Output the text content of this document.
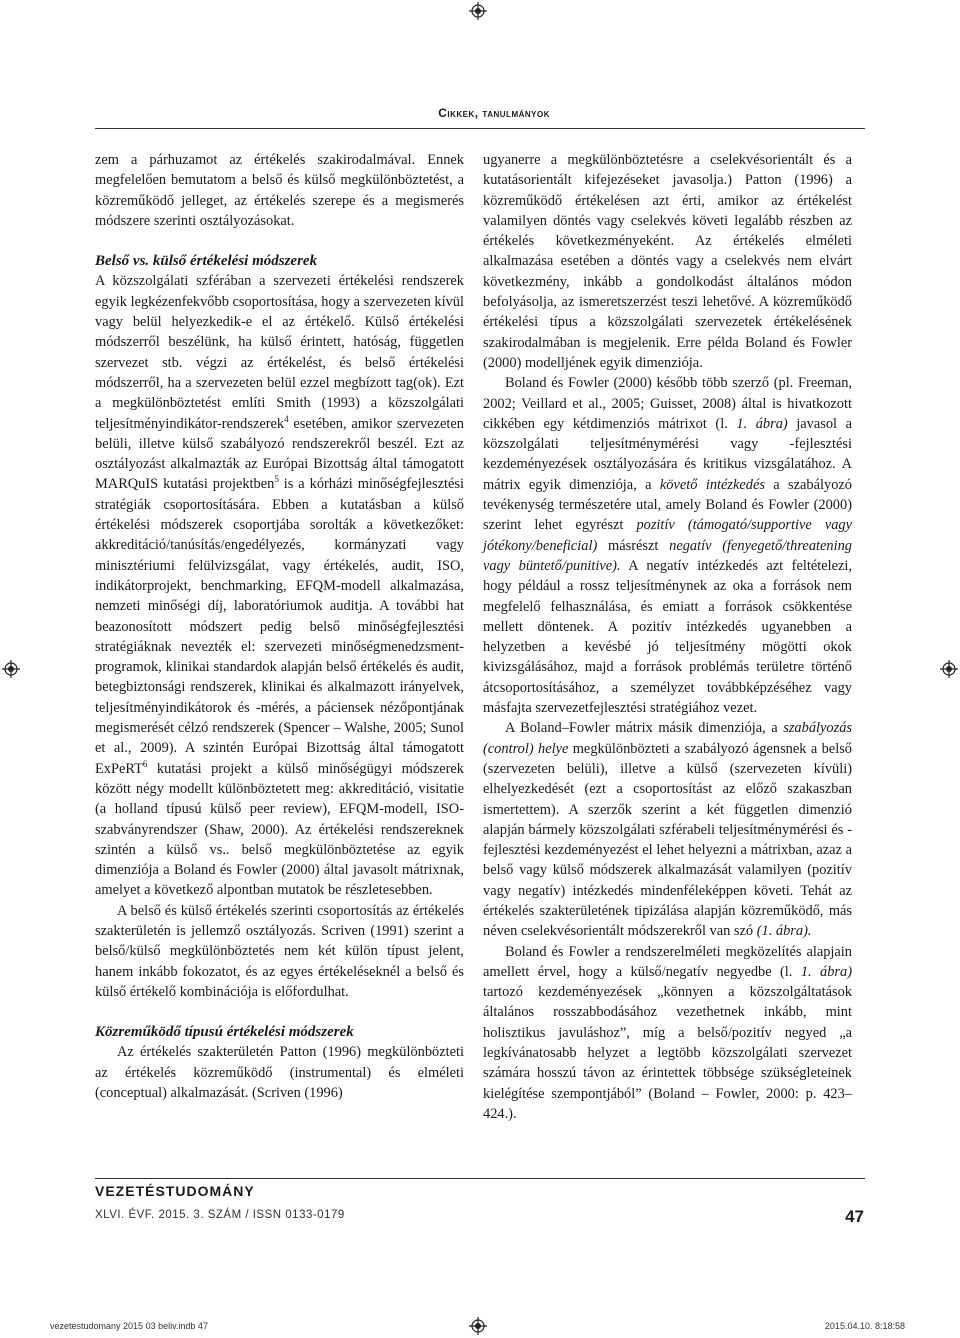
Cikkek, tanulmányok

zem a párhuzamot az értékelés szakirodalmával. Ennek megfelelően bemutatom a belső és külső megkülönböztetést, a közreműködő jelleget, az értékelés szerepe és a megismerés módszere szerinti osztályozásokat.

Belső vs. külső értékelési módszerek

A közszolgálati szférában a szervezeti értékelési rendszerek egyik legkézenfekvőbb csoportosítása, hogy a szervezeten kívül vagy belül helyezkedik-e el az értékelő. Külső értékelési módszerről beszélünk, ha külső érintett, hatóság, független szervezet stb. végzi az értékelést, és belső értékelési módszerről, ha a szervezeten belül ezzel megbízott tag(ok). Ezt a megkülönböztetést említi Smith (1993) a közszolgálati teljesítményindikátor-rendszerek$^4$ esetében, amikor szervezeten belüli, illetve külső szabályozó rendszerekről beszél. Ezt az osztályozást alkalmazták az Európai Bizottság által támogatott MARQuIS kutatási projektben$^5$ is a kórházi minőségfejlesztési stratégiák csoportosítására. Ebben a kutatásban a külső értékelési módszerek csoportjába sorolták a következőket: akkreditáció/tanúsítás/engedélyezés, kormányzati vagy minisztériumi felülvizsgálat, vagy értékelés, audit, ISO, indikátorprojekt, benchmarking, EFQM-modell alkalmazása, nemzeti minőségi díj, laboratóriumok auditja. A további hat beazonosított módszert pedig belső minőségfejlesztési stratégiáknak nevezték el: szervezeti minőségmenedzsment-programok, klinikai standardok alapján belső értékelés és audit, betegbiztonsági rendszerek, klinikai és alkalmazott irányelvek, teljesítményindikátorok és -mérés, a páciensek nézőpontjának megismerését célzó rendszerek (Spencer – Walshe, 2005; Sunol et al., 2009). A szintén Európai Bizottság által támogatott ExPeRT$^6$ kutatási projekt a külső minőségügyi módszerek között négy modellt különböztetett meg: akkreditáció, visitatie (a holland típusú külső peer review), EFQM-modell, ISO-szabványrendszer (Shaw, 2000). Az értékelési rendszereknek szintén a külső vs.. belső megkülönböztetése az egyik dimenziója a Boland és Fowler (2000) által javasolt mátrixnak, amelyet a következő alpontban mutatok be részletesebben.

A belső és külső értékelés szerinti csoportosítás az értékelés szakterületén is jellemző osztályozás. Scriven (1991) szerint a belső/külső megkülönböztetés nem két külön típust jelent, hanem inkább fokozatot, és az egyes értékeléseknél a belső és külső értékelő kombinációja is előfordulhat.

Közreműködő típusú értékelési módszerek

Az értékelés szakterületén Patton (1996) megkülönbözteti az értékelés közreműködő (instrumental) és elméleti (conceptual) alkalmazását. (Scriven (1996)

ugyanerre a megkülönböztetésre a cselekvésorientált és a kutatásorientált kifejezéseket javasolja.) Patton (1996) a közreműködő értékelésen azt érti, amikor az értékelést valamilyen döntés vagy cselekvés követi legalább részben az értékelés következményeként. Az értékelés elméleti alkalmazása esetében a döntés vagy a cselekvés nem elvárt következmény, inkább a gondolkodást általános módon befolyásolja, az ismeretszerzést teszi lehetővé. A közreműködő értékelési típus a közszolgálati szervezetek értékelésének szakirodalmában is megjelenik. Erre példa Boland és Fowler (2000) modelljének egyik dimenziója.

Boland és Fowler (2000) később több szerző (pl. Freeman, 2002; Veillard et al., 2005; Guisset, 2008) által is hivatkozott cikkében egy kétdimenziós mátrixot (l. 1. ábra) javasol a közszolgálati teljesítménymérési vagy -fejlesztési kezdeményezések osztályozására és kritikus vizsgálatához. A mátrix egyik dimenziója, a követő intézkedés a szabályozó tevékenység természetére utal, amely Boland és Fowler (2000) szerint lehet egyrészt pozitív (támogató/supportive vagy jótékony/beneficial) másrészt negatív (fenyegető/threatening vagy büntető/punitive). A negatív intézkedés azt feltételezi, hogy például a rossz teljesítménynek az oka a források nem megfelelő felhasználása, és emiatt a források csökkentése mellett döntenek. A pozitív intézkedés ugyanebben a helyzetben a kevésbé jó teljesítmény mögötti okok kivizsgálásához, majd a források problémás területre történő átcsoportosításához, a személyzet továbbképzéséhez vagy másfajta szervezetfejlesztési stratégiához vezet.

A Boland–Fowler mátrix másik dimenziója, a szabályozás (control) helye megkülönbözteti a szabályozó ágensnek a belső (szervezeten belüli), illetve a külső (szervezeten kívüli) elhelyezkedését (ezt a csoportosítást az előző szakaszban ismertettem). A szerzők szerint a két független dimenzió alapján bármely közszolgálati szférabeli teljesítménymérési és -fejlesztési kezdeményezést el lehet helyezni a mátrixban, azaz a belső vagy külső módszerek alkalmazását valamilyen (pozitív vagy negatív) intézkedés mindenféleképpen követi. Tehát az értékelés szakterületének tipizálása alapján közreműködő, más néven cselekvésorientált módszerekről van szó (1. ábra).

Boland és Fowler a rendszerelméleti megközelítés alapjain amellett érvel, hogy a külső/negatív negyedbe (l. 1. ábra) tartozó kezdeményezések „könnyen a közszolgáltatások általános rosszabbodásához vezethetnek inkább, mint holisztikus javuláshoz”, míg a belső/pozitív negyed „a legkívánatosabb helyzet a legtöbb közszolgálati szervezet számára hosszú távon az érintettek többsége szükségleteinek kielégítése szempontjából” (Boland – Fowler, 2000: p. 423–424.).

VEZETÉSTUDOMÁNY
XLVI. ÉVF. 2015. 3. SZÁM / ISSN 0133-0179	47
vezetestudomany 2015 03 beliv.indb 47	2015.04.10. 8:18:58
